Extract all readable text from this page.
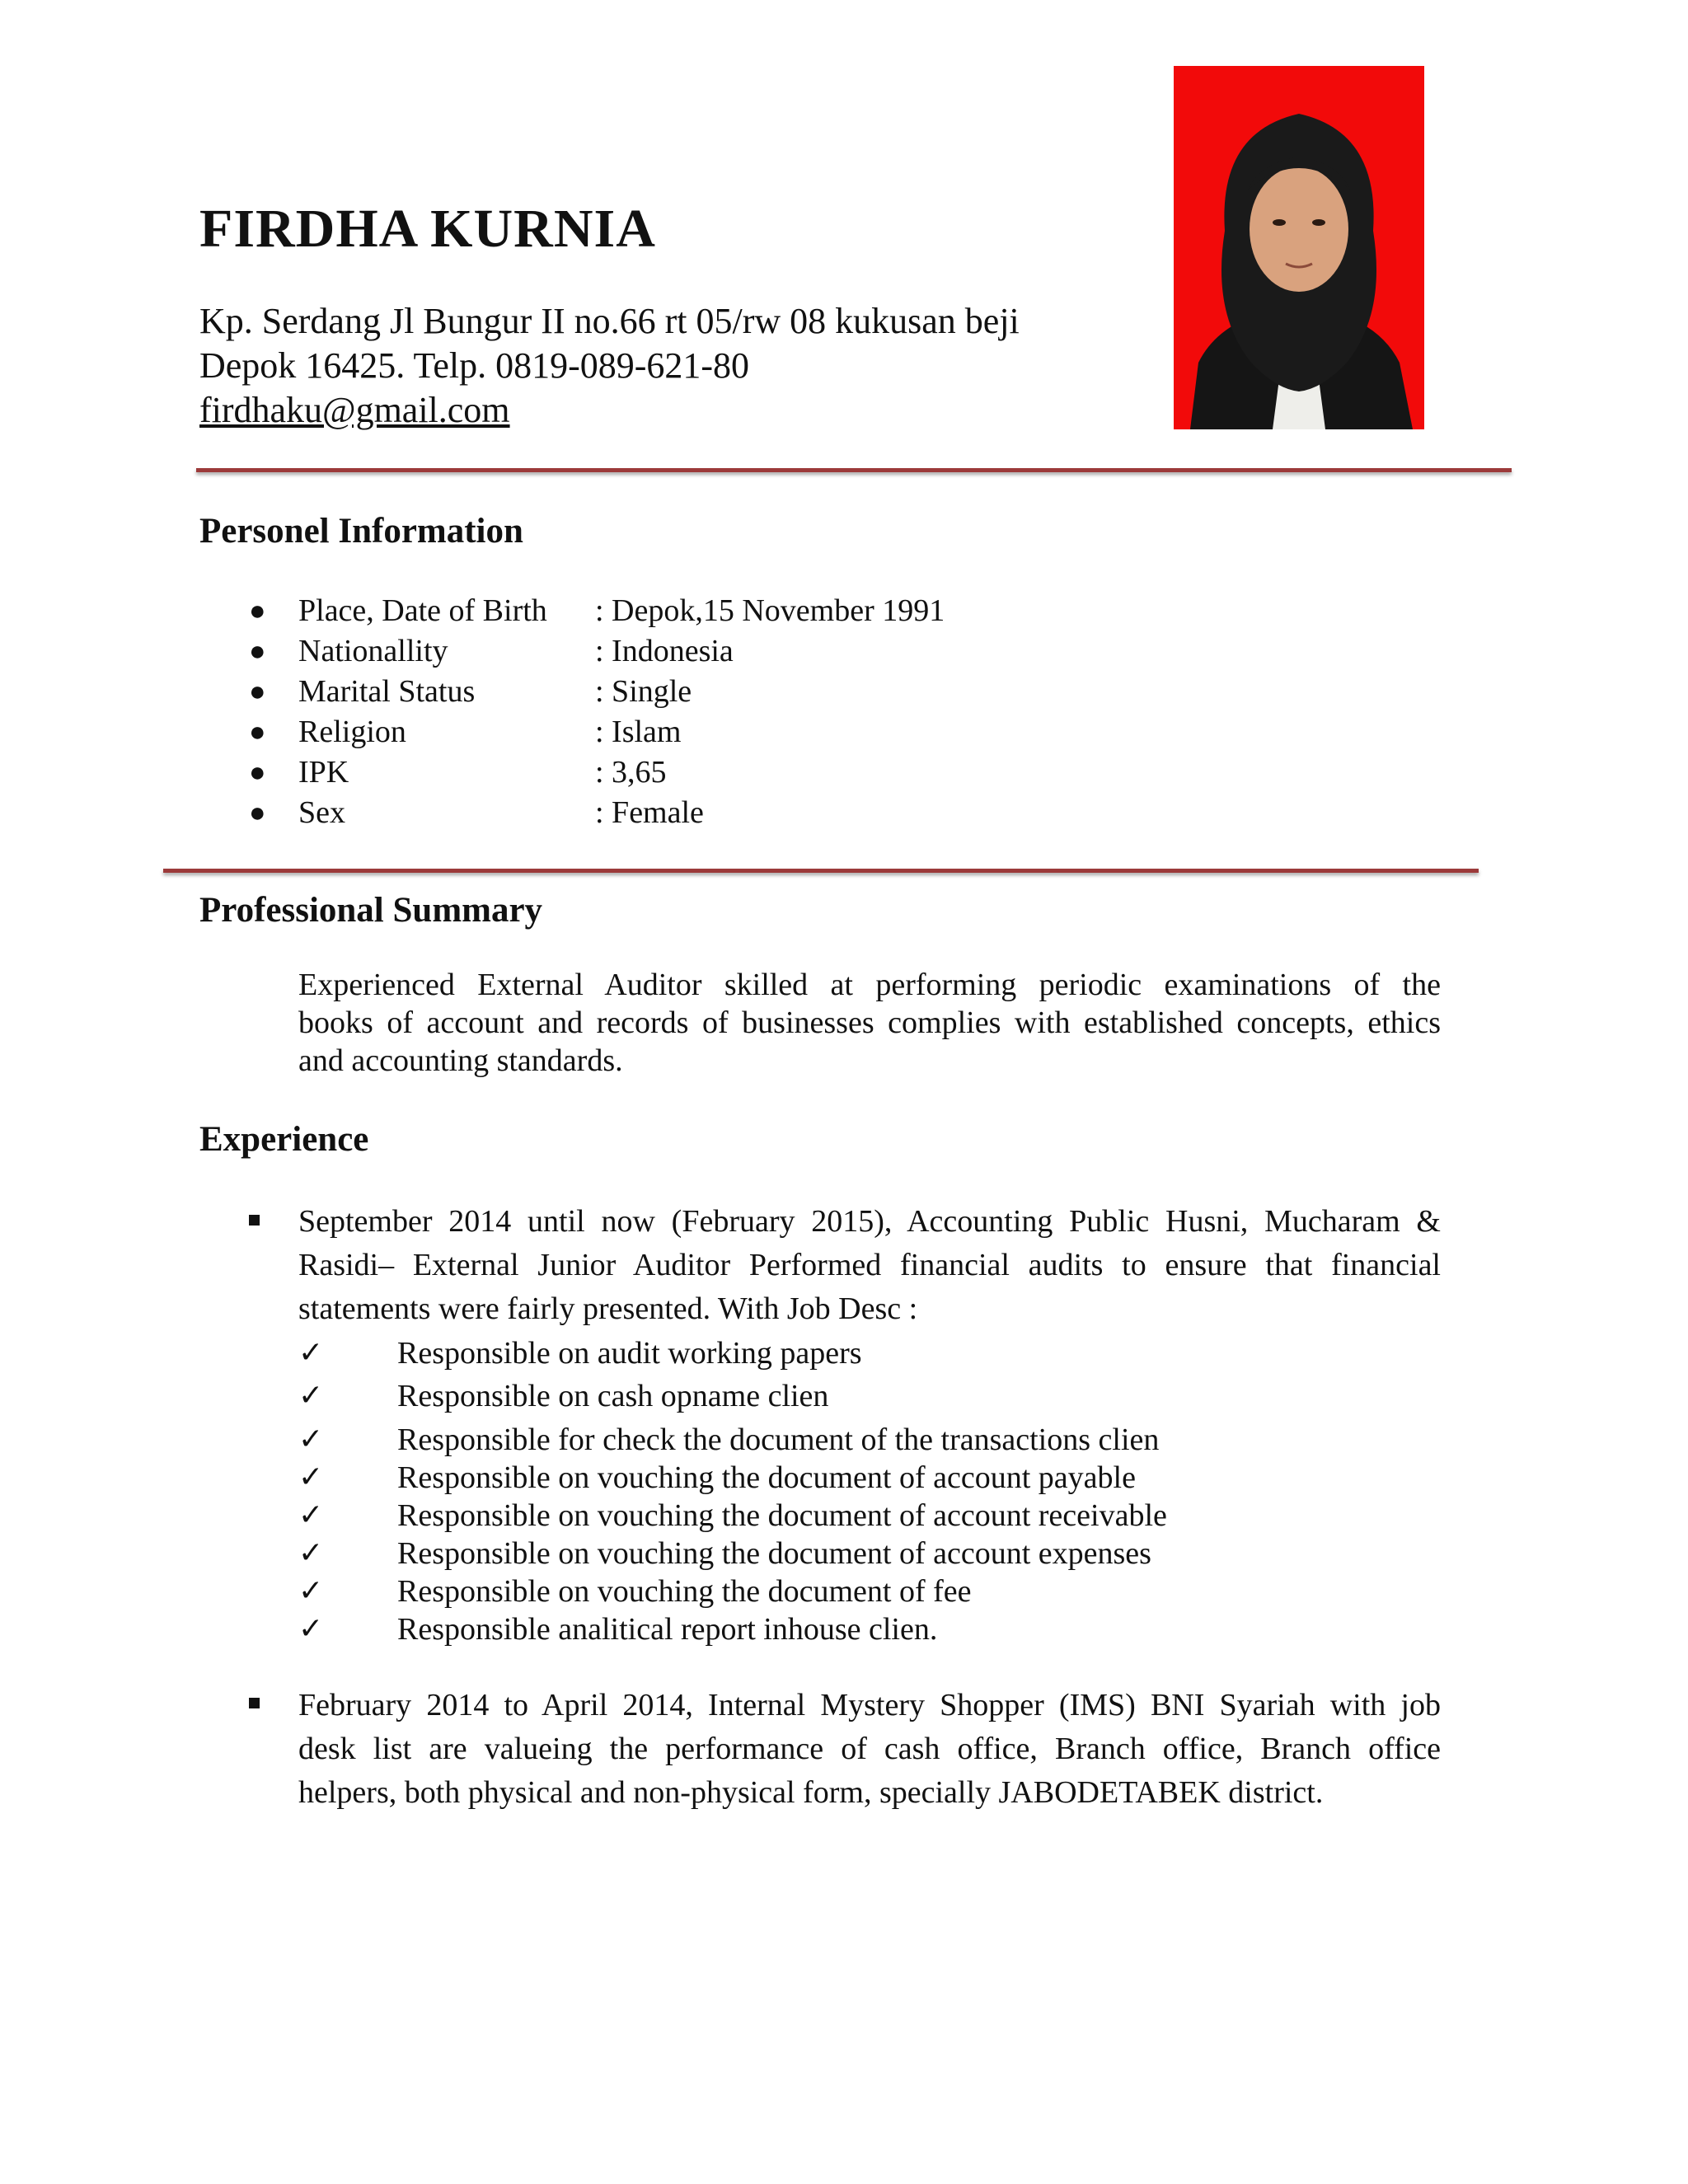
FIRDHA KURNIA
Kp. Serdang Jl Bungur II no.66 rt 05/rw 08 kukusan beji
Depok 16425. Telp. 0819-089-621-80
firdhaku@gmail.com
Personel Information
● Place, Date of Birth : Depok,15 November 1991
● Nationallity	: Indonesia
● Marital Status	: Single
● Religion	: Islam
● IPK	: 3,65
● Sex	: Female
Professional Summary
Experienced External Auditor skilled at performing periodic examinations of the
books of account and records of businesses complies with established concepts, ethics
and accounting standards.
Experience
September 2014 until now (February 2015), Accounting Public Husni, Mucharam &
Rasidi– External Junior Auditor Performed financial audits to ensure that financial
statements were fairly presented. With Job Desc :
✓ Responsible on audit working papers
✓ Responsible on cash opname clien
✓ Responsible for check the document of the transactions clien
✓ Responsible on vouching the document of account payable
✓ Responsible on vouching the document of account receivable
✓ Responsible on vouching the document of account expenses
✓ Responsible on vouching the document of fee
✓ Responsible analitical report inhouse clien.
February 2014 to April 2014, Internal Mystery Shopper (IMS) BNI Syariah with job
desk list are valueing the performance of cash office, Branch office, Branch office
helpers, both physical and non-physical form, specially JABODETABEK district.
